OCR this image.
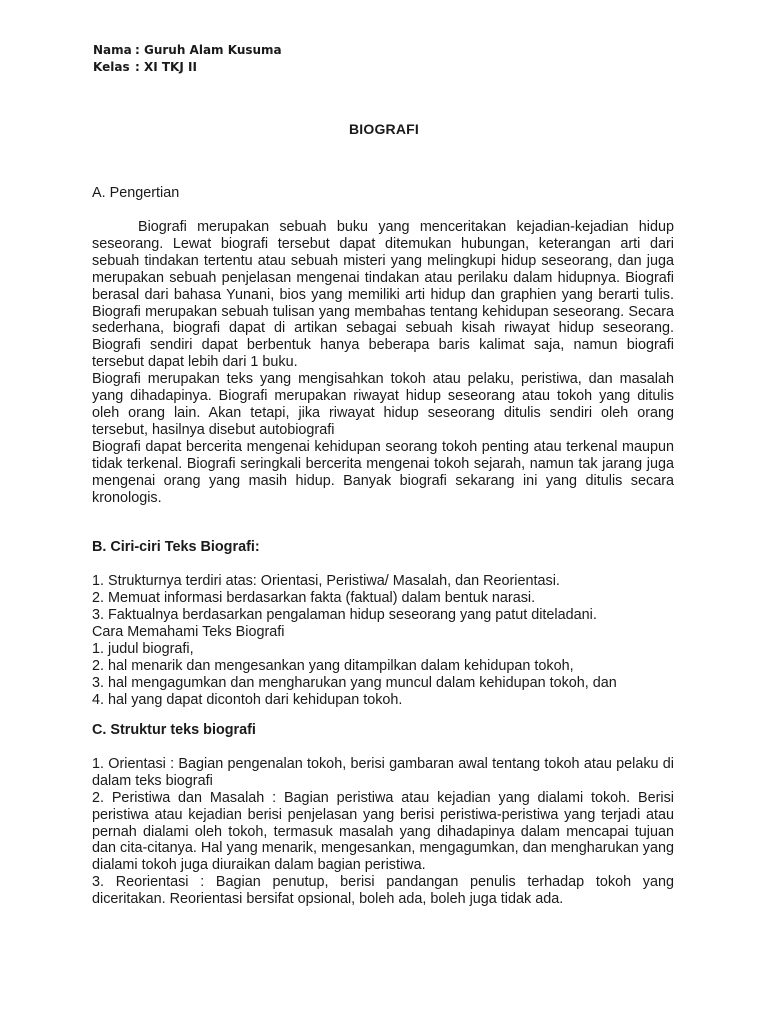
Nama : Guruh Alam Kusuma
Kelas : XI TKJ II
BIOGRAFI

A. Pengertian

Biografi merupakan sebuah buku yang menceritakan kejadian-kejadian hidup seseorang. Lewat biografi tersebut dapat ditemukan hubungan, keterangan arti dari sebuah tindakan tertentu atau sebuah misteri yang melingkupi hidup seseorang, dan juga merupakan sebuah penjelasan mengenai tindakan atau perilaku dalam hidupnya. Biografi berasal dari bahasa Yunani, bios yang memiliki arti hidup dan graphien yang berarti tulis. Biografi merupakan sebuah tulisan yang membahas tentang kehidupan seseorang. Secara sederhana, biografi dapat di artikan sebagai sebuah kisah riwayat hidup seseorang. Biografi sendiri dapat berbentuk hanya beberapa baris kalimat saja, namun biografi tersebut dapat lebih dari 1 buku.

Biografi merupakan teks yang mengisahkan tokoh atau pelaku, peristiwa, dan masalah yang dihadapinya. Biografi merupakan riwayat hidup seseorang atau tokoh yang ditulis oleh orang lain. Akan tetapi, jika riwayat hidup seseorang ditulis sendiri oleh orang tersebut, hasilnya disebut autobiografi

Biografi dapat bercerita mengenai kehidupan seorang tokoh penting atau terkenal maupun tidak terkenal. Biografi seringkali bercerita mengenai tokoh sejarah, namun tak jarang juga mengenai orang yang masih hidup. Banyak biografi sekarang ini yang ditulis secara kronologis.

B. Ciri-ciri Teks Biografi:

1. Strukturnya terdiri atas: Orientasi, Peristiwa/ Masalah, dan Reorientasi.

2. Memuat informasi berdasarkan fakta (faktual) dalam bentuk narasi.

3. Faktualnya berdasarkan pengalaman hidup seseorang yang patut diteladani.

Cara Memahami Teks Biografi

1. judul biografi,

2. hal menarik dan mengesankan yang ditampilkan dalam kehidupan tokoh,

3. hal mengagumkan dan mengharukan yang muncul dalam kehidupan tokoh, dan

4. hal yang dapat dicontoh dari kehidupan tokoh.

C. Struktur teks biografi

1. Orientasi : Bagian pengenalan tokoh, berisi gambaran awal tentang tokoh atau pelaku di dalam teks biografi

2. Peristiwa dan Masalah : Bagian peristiwa atau kejadian yang dialami tokoh. Berisi peristiwa atau kejadian berisi penjelasan yang berisi peristiwa-peristiwa yang terjadi atau pernah dialami oleh tokoh, termasuk masalah yang dihadapinya dalam mencapai tujuan dan cita-citanya. Hal yang menarik, mengesankan, mengagumkan, dan mengharukan yang dialami tokoh juga diuraikan dalam bagian peristiwa.

3. Reorientasi : Bagian penutup, berisi pandangan penulis terhadap tokoh yang diceritakan. Reorientasi bersifat opsional, boleh ada, boleh juga tidak ada.
